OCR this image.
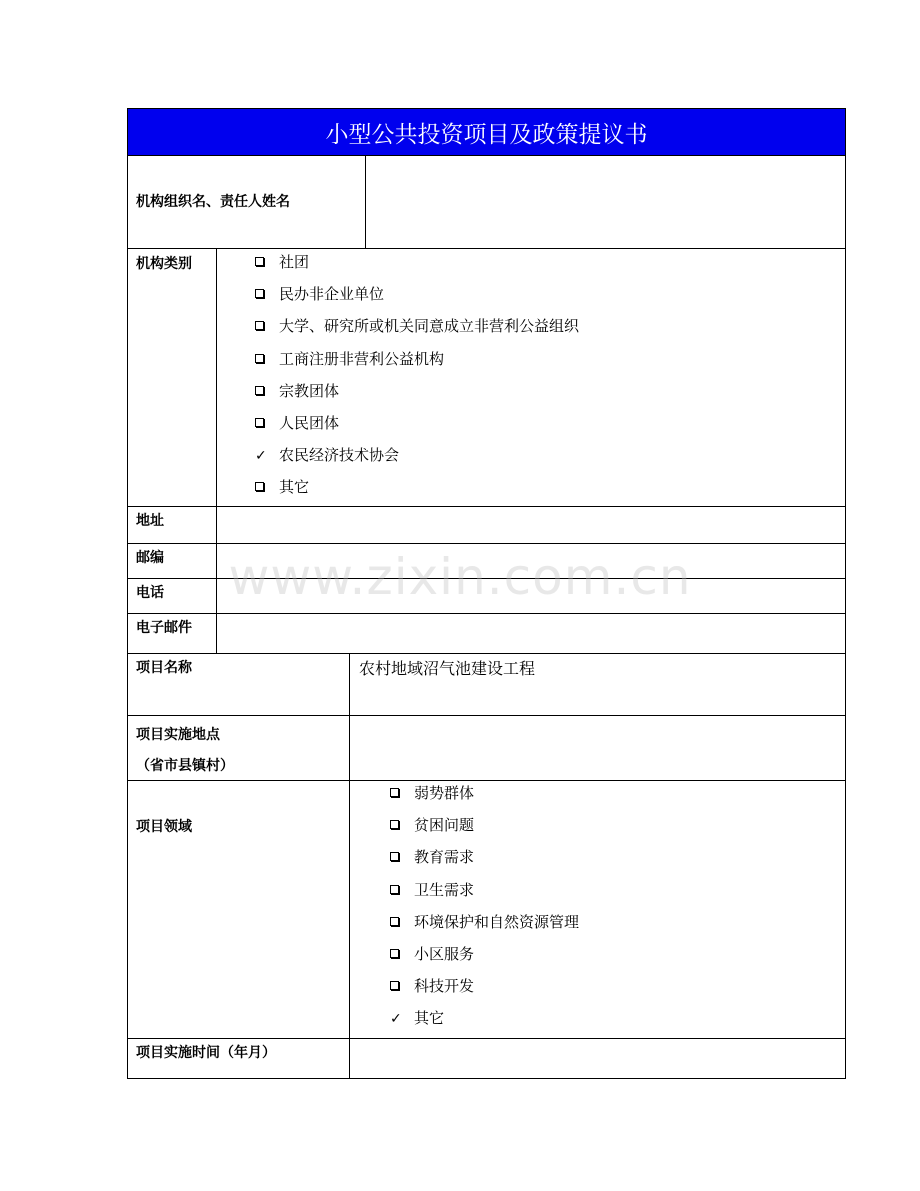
小型公共投资项目及政策提议书
机构组织名、责任人姓名
机构类别	社团
民办非企业单位
大学、研究所或机关同意成立非营利公益组织
工商注册非营利公益机构
宗教团体
人民团体
✓ 农民经济技术协会
其它
地址
邮编
电话
电子邮件
项目名称	农村地域沼气池建设工程
项目实施地点
（省市县镇村）
项目领域
弱势群体
贫困问题
教育需求
卫生需求
环境保护和自然资源管理
小区服务
科技开发
✓ 其它
项目实施时间（年月）
www.zixin.com.cn
